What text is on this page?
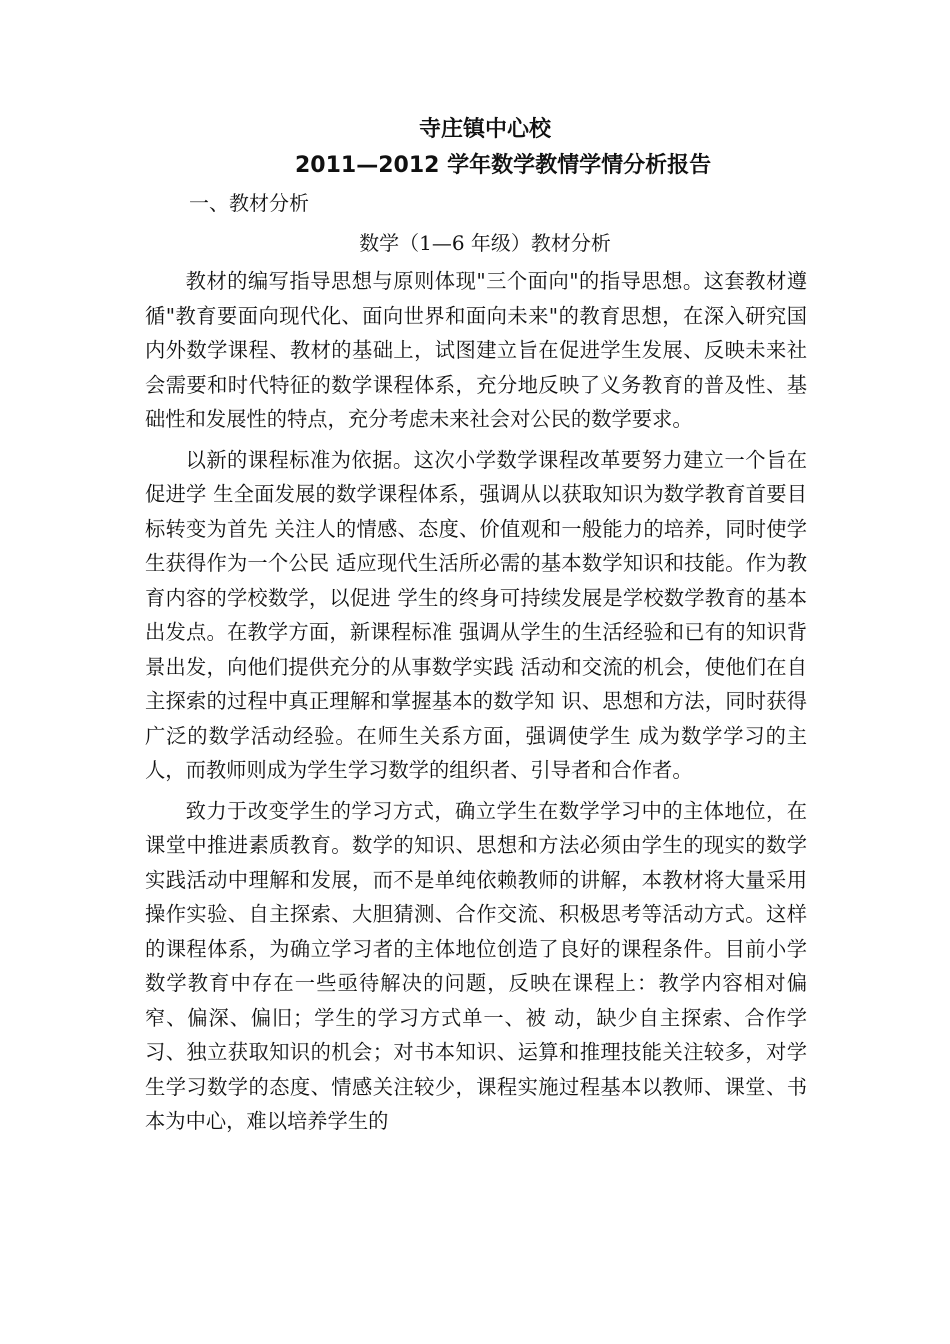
寺庄镇中心校
2011—2012 学年数学教情学情分析报告

一、教材分析

数学（1—6 年级）教材分析

教材的编写指导思想与原则体现"三个面向"的指导思想。这套教材遵循"教育要面向现代化、面向世界和面向未来"的教育思想，在深入研究国内外数学课程、教材的基础上，试图建立旨在促进学生发展、反映未来社会需要和时代特征的数学课程体系，充分地反映了义务教育的普及性、基础性和发展性的特点，充分考虑未来社会对公民的数学要求。

以新的课程标准为依据。这次小学数学课程改革要努力建立一个旨在促进学 生全面发展的数学课程体系，强调从以获取知识为数学教育首要目标转变为首先 关注人的情感、态度、价值观和一般能力的培养，同时使学生获得作为一个公民 适应现代生活所必需的基本数学知识和技能。作为教育内容的学校数学，以促进 学生的终身可持续发展是学校数学教育的基本出发点。在教学方面，新课程标准 强调从学生的生活经验和已有的知识背景出发，向他们提供充分的从事数学实践 活动和交流的机会，使他们在自主探索的过程中真正理解和掌握基本的数学知 识、思想和方法，同时获得广泛的数学活动经验。在师生关系方面，强调使学生 成为数学学习的主人，而教师则成为学生学习数学的组织者、引导者和合作者。

致力于改变学生的学习方式，确立学生在数学学习中的主体地位，在课堂中推进素质教育。数学的知识、思想和方法必须由学生的现实的数学实践活动中理解和发展，而不是单纯依赖教师的讲解，本教材将大量采用操作实验、自主探索、大胆猜测、合作交流、积极思考等活动方式。这样的课程体系，为确立学习者的主体地位创造了良好的课程条件。目前小学数学教育中存在一些亟待解决的问题，反映在课程上：教学内容相对偏窄、偏深、偏旧；学生的学习方式单一、被 动，缺少自主探索、合作学习、独立获取知识的机会；对书本知识、运算和推理技能关注较多，对学生学习数学的态度、情感关注较少，课程实施过程基本以教师、课堂、书本为中心，难以培养学生的
